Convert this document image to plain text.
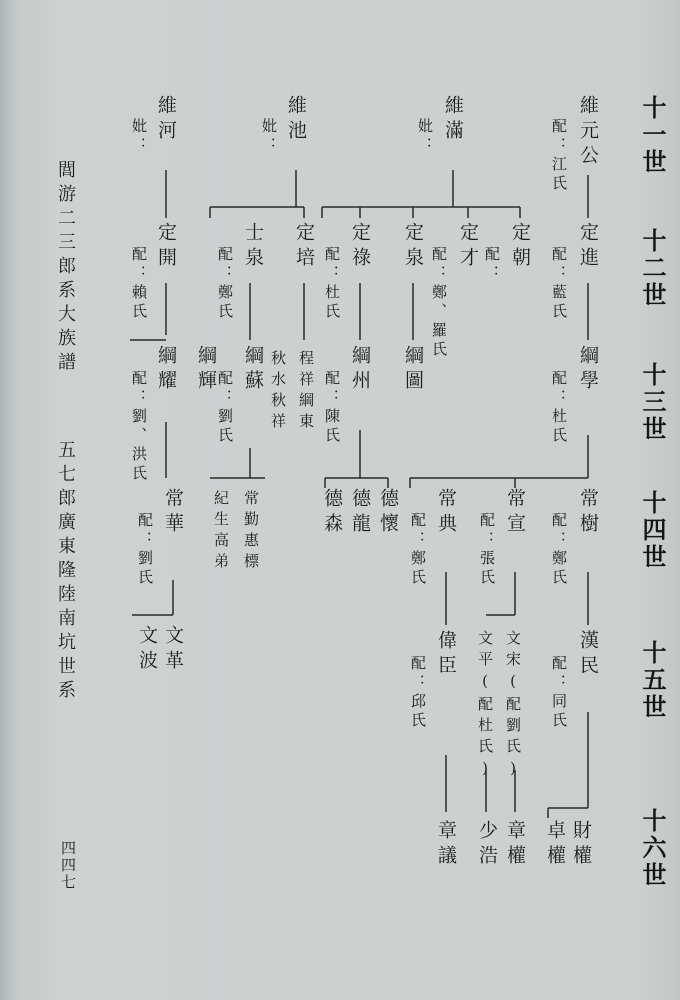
十一世
十二世
十三世
十四世
十五世
十六世
閭游二三郎系大族譜
五七郎廣東隆陸南坑世系
四四七
維元公
配：江氏
維滿
妣：
維池
妣：
維河
妣：
定進
配：藍氏
定朝
配：
定才
配：鄭、羅氏
定泉
定祿
配：杜氏
定培
士泉
配：鄭氏
定開
配：賴氏
綱學
配：杜氏
綱圖
綱州
配：陳氏
程祥綱東
秋水秋祥
綱蘇
配：劉氏
綱輝
綱耀
配：劉、洪氏
常樹
配：鄭氏
常宣
配：張氏
常典
配：鄭氏
德懷
德龍
德森
常勤惠標
紀生高弟
常華
配：劉氏
漢民
配：同氏
文宋(配劉氏)
文平(配杜氏)
偉臣
配：邱氏
文革
文波
財權
卓權
章權
少浩
章議
